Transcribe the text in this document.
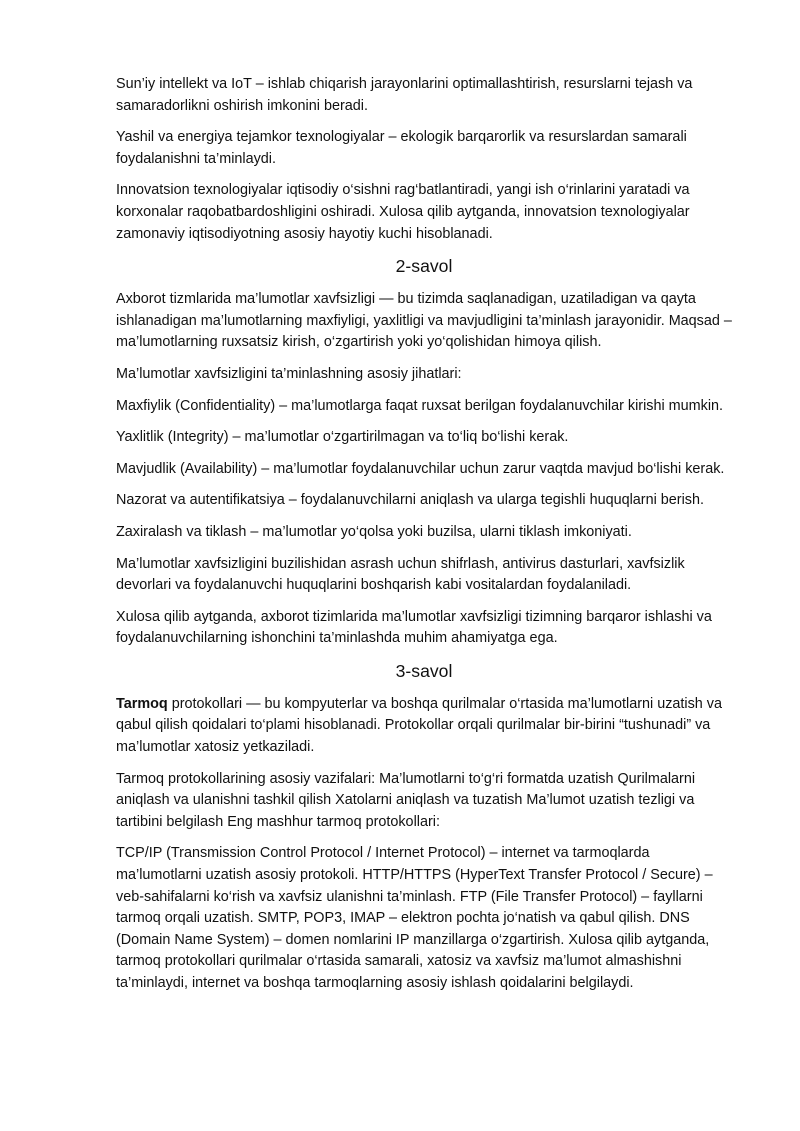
Sun’iy intellekt va IoT – ishlab chiqarish jarayonlarini optimallashtirish, resurslarni tejash va samaradorlikni oshirish imkonini beradi.

Yashil va energiya tejamkor texnologiyalar – ekologik barqarorlik va resurslardan samarali foydalanishni ta’minlaydi.

Innovatsion texnologiyalar iqtisodiy o‘sishni rag‘batlantiradi, yangi ish o‘rinlarini yaratadi va korxonalar raqobatbardoshligini oshiradi. Xulosa qilib aytganda, innovatsion texnologiyalar zamonaviy iqtisodiyotning asosiy hayotiy kuchi hisoblanadi.

2-savol

Axborot tizmlarida ma’lumotlar xavfsizligi — bu tizimda saqlanadigan, uzatiladigan va qayta ishlanadigan ma’lumotlarning maxfiyligi, yaxlitligi va mavjudligini ta’minlash jarayonidir. Maqsad – ma’lumotlarning ruxsatsiz kirish, o‘zgartirish yoki yo‘qolishidan himoya qilish.

Ma’lumotlar xavfsizligini ta’minlashning asosiy jihatlari:

Maxfiylik (Confidentiality) – ma’lumotlarga faqat ruxsat berilgan foydalanuvchilar kirishi mumkin.

Yaxlitlik (Integrity) – ma’lumotlar o‘zgartirilmagan va to‘liq bo‘lishi kerak.

Mavjudlik (Availability) – ma’lumotlar foydalanuvchilar uchun zarur vaqtda mavjud bo‘lishi kerak.

Nazorat va autentifikatsiya – foydalanuvchilarni aniqlash va ularga tegishli huquqlarni berish.

Zaxiralash va tiklash – ma’lumotlar yo‘qolsa yoki buzilsa, ularni tiklash imkoniyati.

Ma’lumotlar xavfsizligini buzilishidan asrash uchun shifrlash, antivirus dasturlari, xavfsizlik devorlari va foydalanuvchi huquqlarini boshqarish kabi vositalardan foydalaniladi.

Xulosa qilib aytganda, axborot tizimlarida ma’lumotlar xavfsizligi tizimning barqaror ishlashi va foydalanuvchilarning ishonchini ta’minlashda muhim ahamiyatga ega.

3-savol

Tarmoq protokollari — bu kompyuterlar va boshqa qurilmalar o‘rtasida ma’lumotlarni uzatish va qabul qilish qoidalari to‘plami hisoblanadi. Protokollar orqali qurilmalar bir-birini “tushunadi” va ma’lumotlar xatosiz yetkaziladi.

Tarmoq protokollarining asosiy vazifalari: Ma’lumotlarni to‘g‘ri formatda uzatish Qurilmalarni aniqlash va ulanishni tashkil qilish Xatolarni aniqlash va tuzatish Ma’lumot uzatish tezligi va tartibini belgilash Eng mashhur tarmoq protokollari:

TCP/IP (Transmission Control Protocol / Internet Protocol) – internet va tarmoqlarda ma’lumotlarni uzatish asosiy protokoli. HTTP/HTTPS (HyperText Transfer Protocol / Secure) – veb-sahifalarni ko‘rish va xavfsiz ulanishni ta’minlash. FTP (File Transfer Protocol) – fayllarni tarmoq orqali uzatish. SMTP, POP3, IMAP – elektron pochta jo‘natish va qabul qilish. DNS (Domain Name System) – domen nomlarini IP manzillarga o‘zgartirish. Xulosa qilib aytganda, tarmoq protokollari qurilmalar o‘rtasida samarali, xatosiz va xavfsiz ma’lumot almashishni ta’minlaydi, internet va boshqa tarmoqlarning asosiy ishlash qoidalarini belgilaydi.
